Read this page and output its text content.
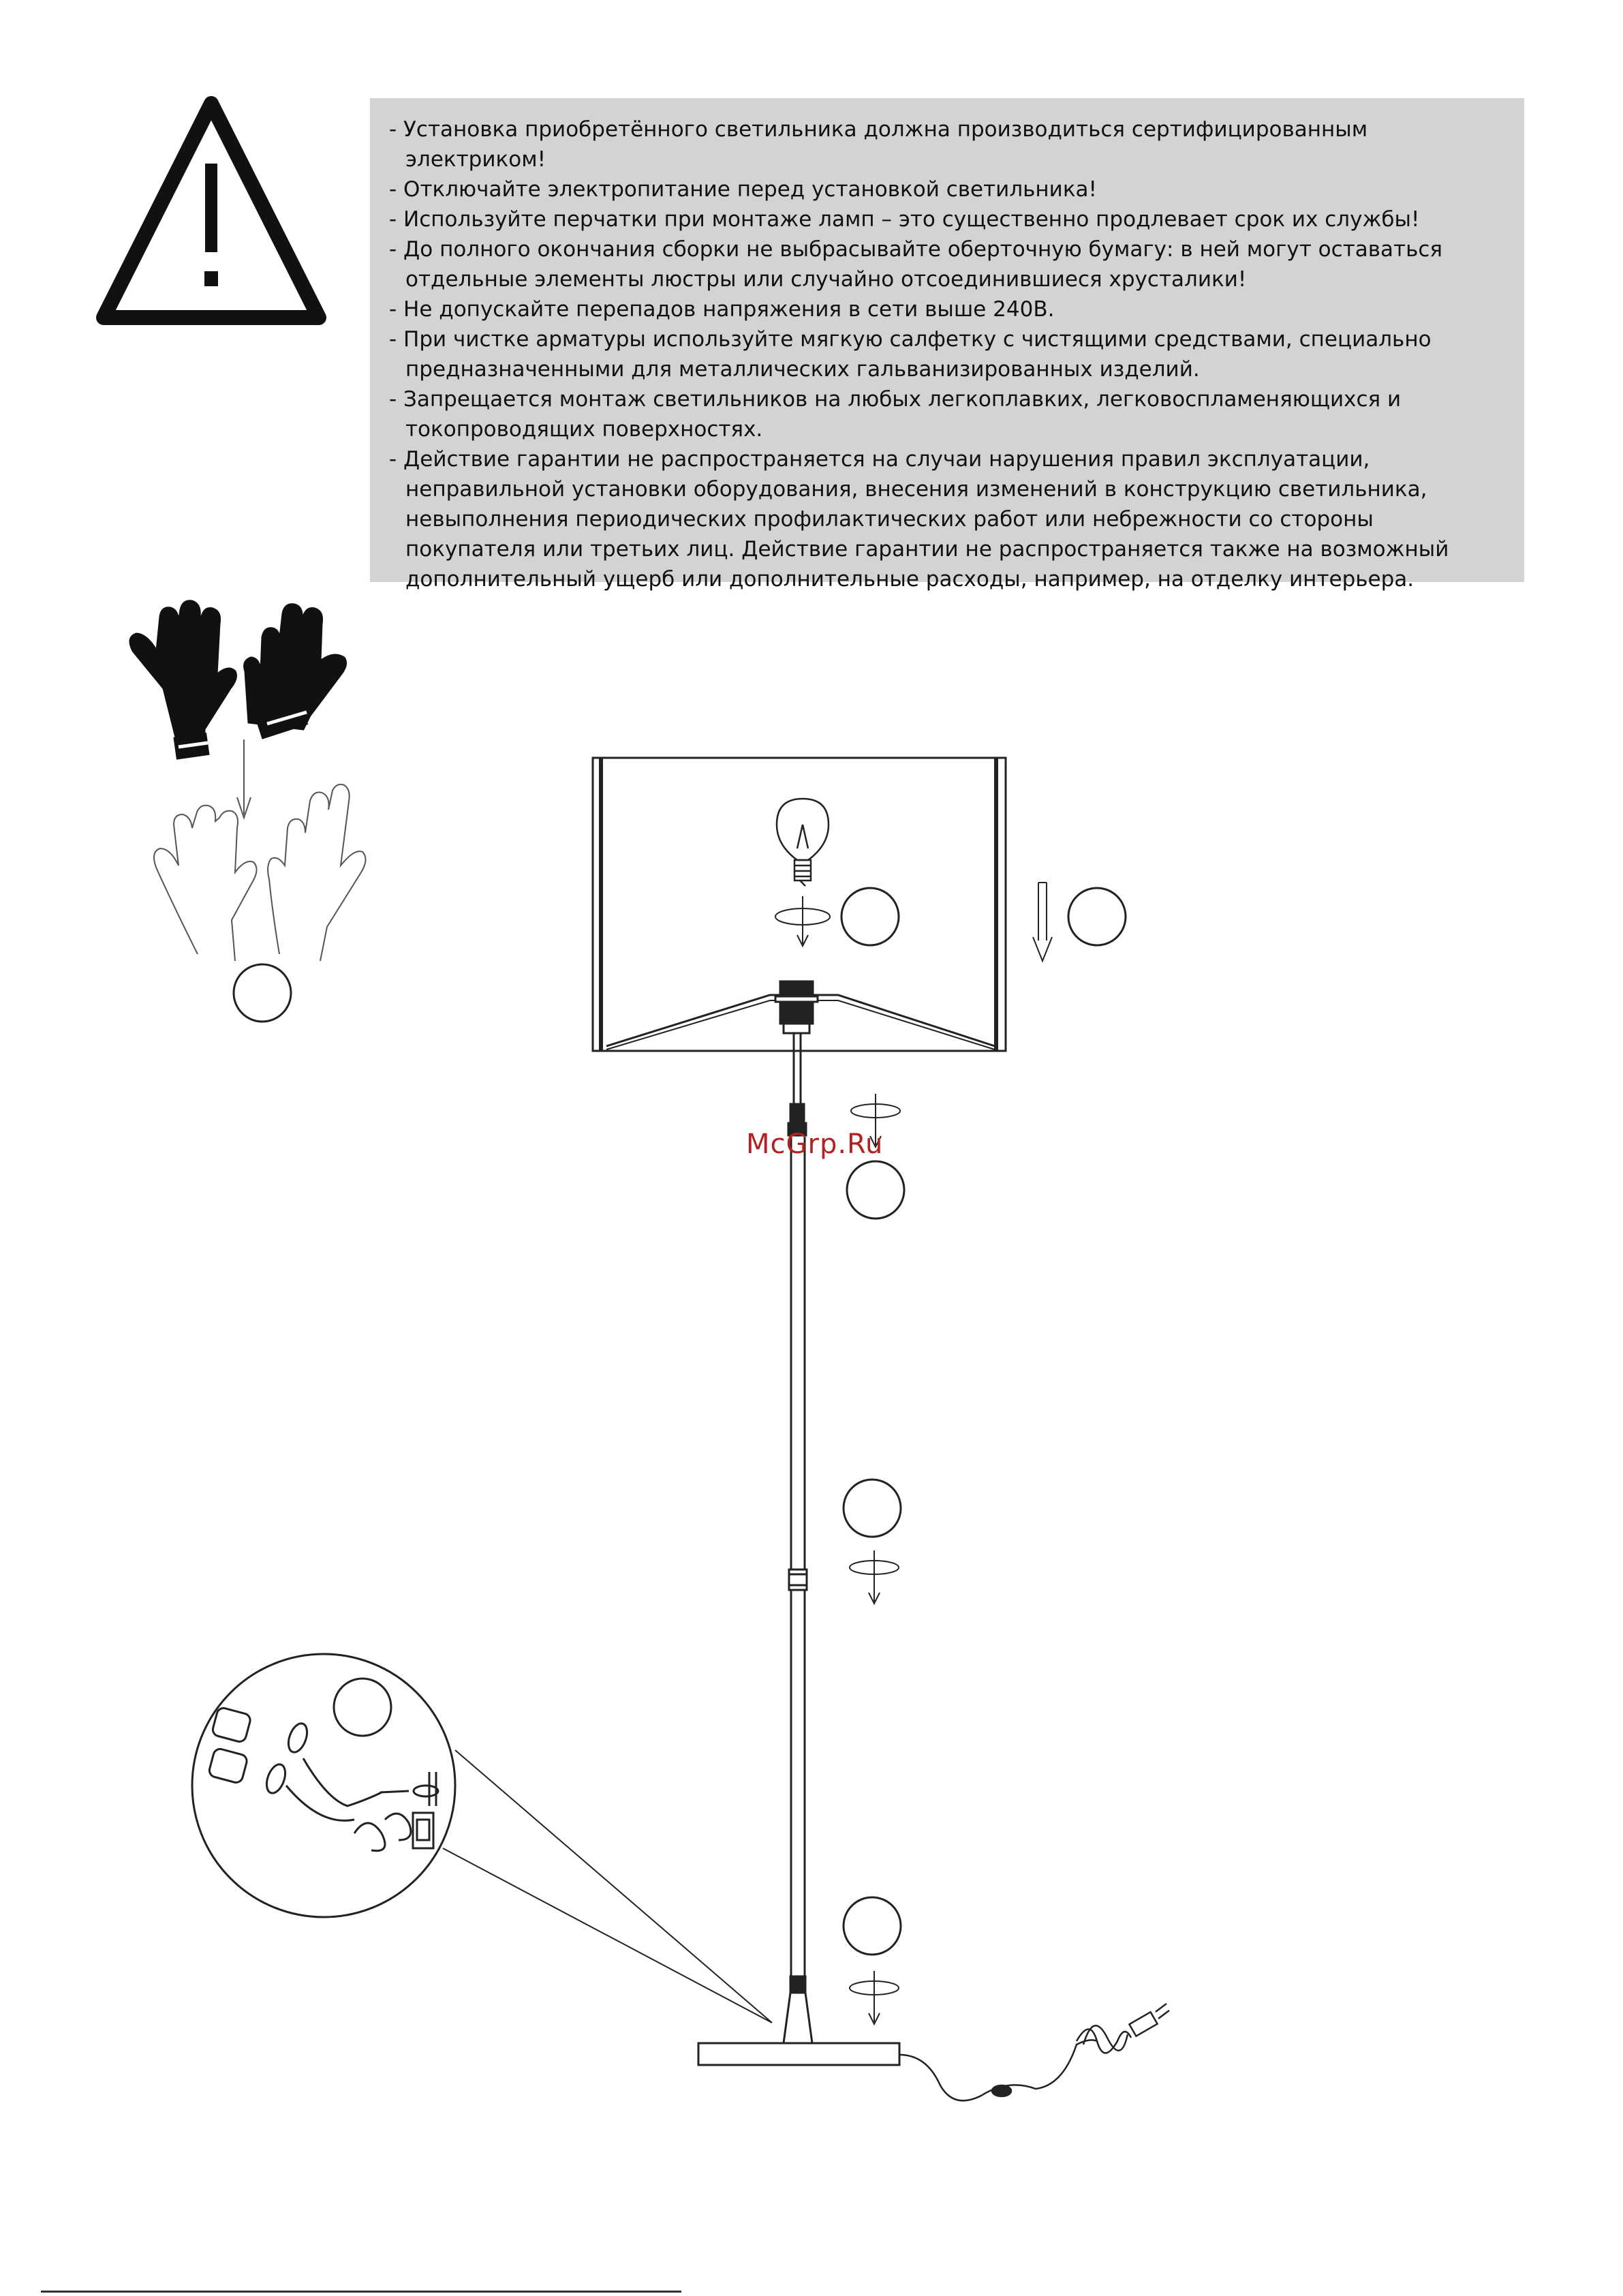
- Установка приобретённого светильника должна производиться сертифицированным электриком!
- Отключайте электропитание перед установкой светильника!
- Используйте перчатки при монтаже ламп – это существенно продлевает срок их службы!
- До полного окончания сборки не выбрасывайте оберточную бумагу: в ней могут оставаться отдельные элементы люстры или случайно отсоединившиеся хрусталики!
- Не допускайте перепадов напряжения в сети выше 240В.
- При чистке арматуры используйте мягкую салфетку с чистящими средствами, специально предназначенными для металлических гальванизированных изделий.
- Запрещается монтаж светильников на любых легкоплавких, легковоспламеняющихся и токопроводящих поверхностях.
- Действие гарантии не распространяется на случаи нарушения правил эксплуатации, неправильной установки оборудования, внесения изменений в конструкцию светильника, невыполнения периодических профилактических работ или небрежности со стороны покупателя или третьих лиц. Действие гарантии не распространяется также на возможный дополнительный ущерб или дополнительные расходы, например, на отделку интерьера.
McGrp.Ru
